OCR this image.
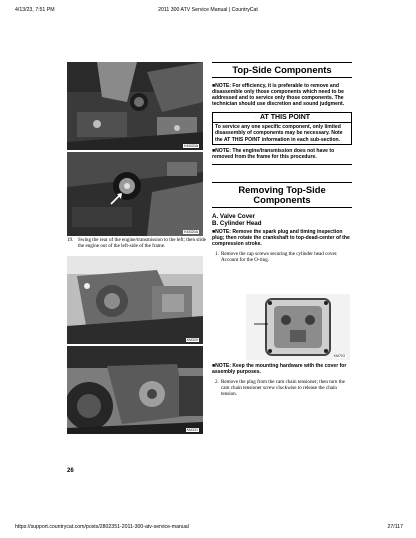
4/13/23, 7:51 PM	2011 300 ATV Service Manual | CountryCat
KM320A
KM320A
19. Swing the rear of the engine/transmission to the left; then slide the engine out of the left-side of the frame.
KM329
KM331
26
Top-Side Components
■NOTE: For efficiency, it is preferable to remove and disassemble only those components which need to be addressed and to service only those components. The technician should use discretion and sound judgment.
☞ AT THIS POINT
To service any one specific component, only limited disassembly of components may be necessary. Note the AT THIS POINT information in each sub-section.
■NOTE: The engine/transmission does not have to removed from the frame for this procedure.
Removing Top-Side
Components
A. Valve Cover
B. Cylinder Head
■NOTE: Remove the spark plug and timing inspection plug; then rotate the crankshaft to top-dead-center of the compression stroke.
1. Remove the cap screws securing the cylinder head cover. Account for the O-ring.
KM703
■NOTE: Keep the mounting hardware with the cover for assembly purposes.
2. Remove the plug from the cam chain tensioner; then turn the cam chain tensioner screw clockwise to release the chain tension.
https://support.countrycat.com/posts/2802351-2011-300-atv-service-manual	27/117
